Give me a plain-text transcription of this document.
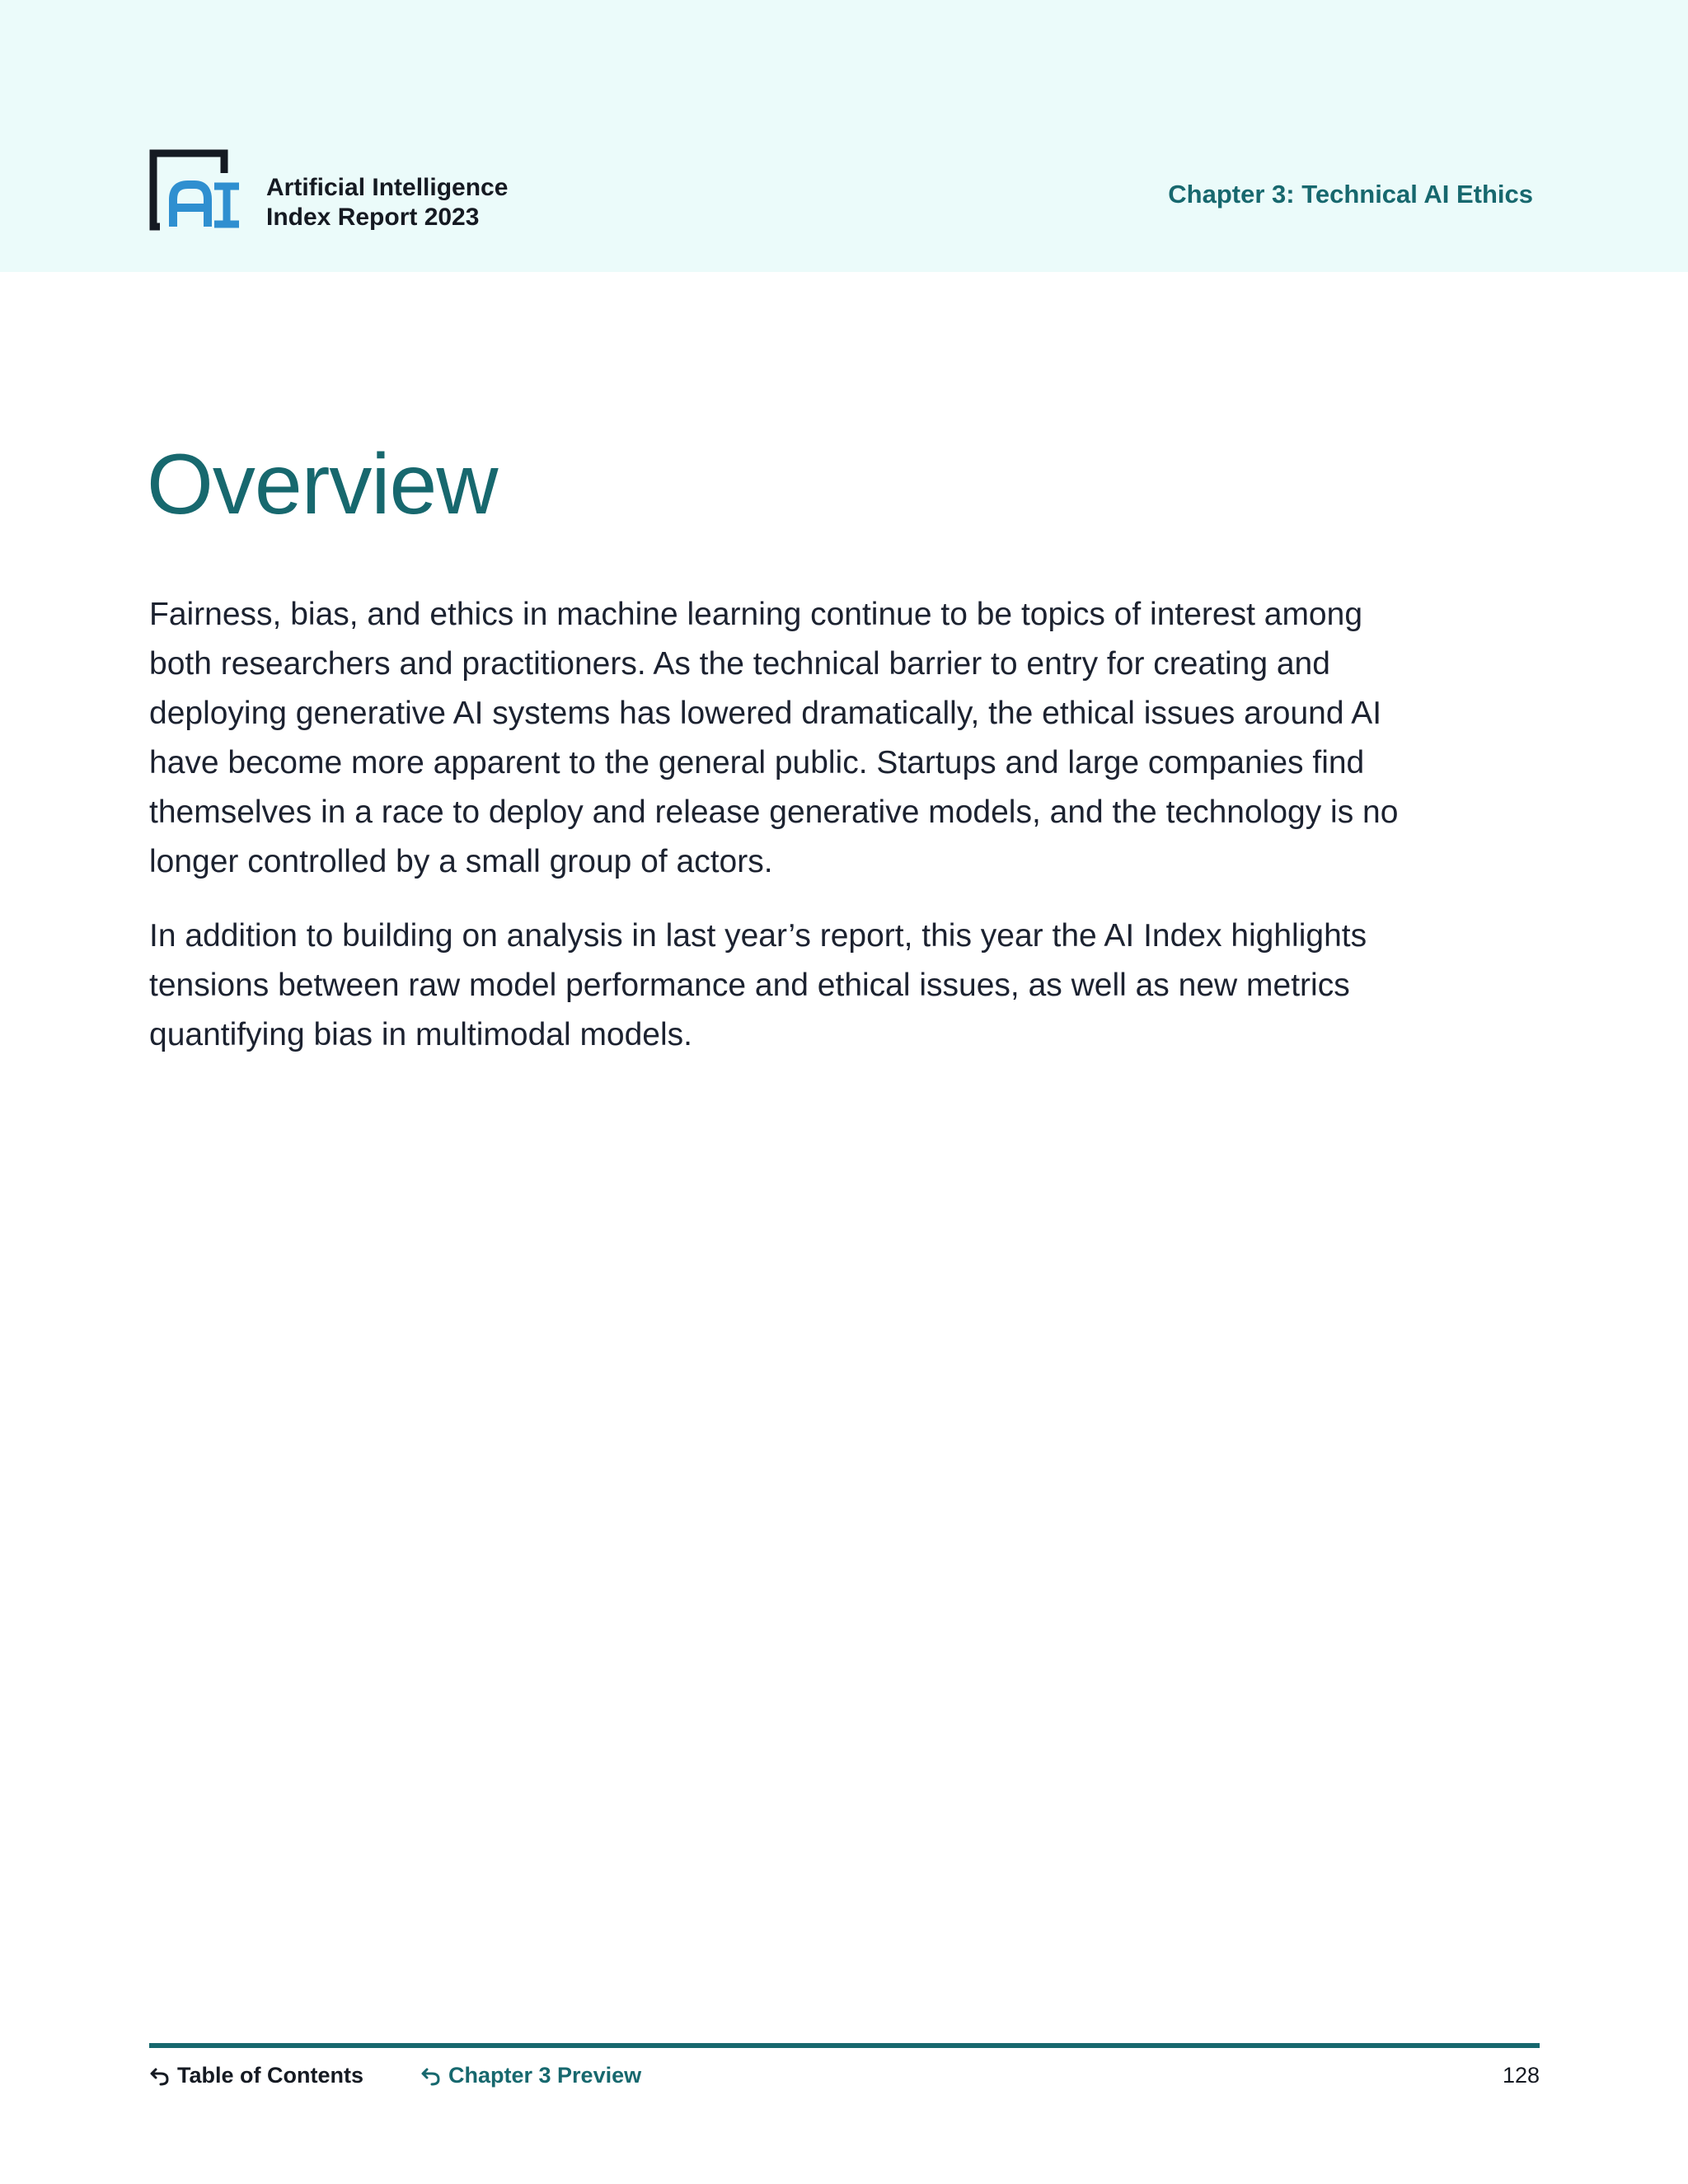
Artificial Intelligence
Index Report 2023
Chapter 3: Technical AI Ethics
Overview

Fairness, bias, and ethics in machine learning continue to be topics of interest among both researchers and practitioners. As the technical barrier to entry for creating and deploying generative AI systems has lowered dramatically, the ethical issues around AI have become more apparent to the general public. Startups and large companies find themselves in a race to deploy and release generative models, and the technology is no longer controlled by a small group of actors.

In addition to building on analysis in last year’s report, this year the AI Index highlights tensions between raw model performance and ethical issues, as well as new metrics quantifying bias in multimodal models.

Table of Contents	Chapter 3 Preview	128
